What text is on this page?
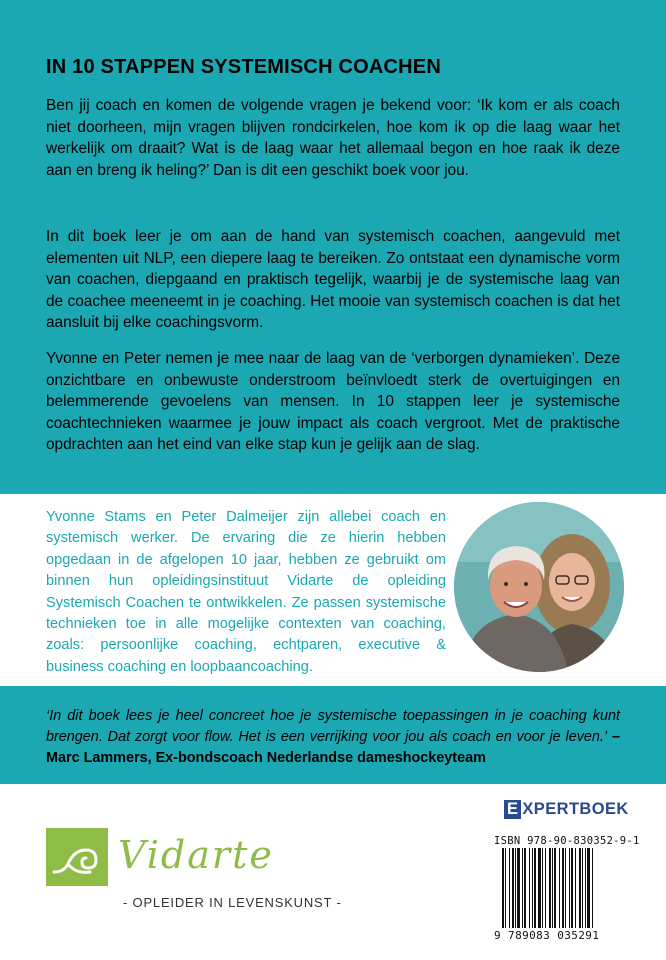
IN 10 STAPPEN SYSTEMISCH COACHEN
Ben jij coach en komen de volgende vragen je bekend voor: ‘Ik kom er als coach niet doorheen, mijn vragen blijven rondcirkelen, hoe kom ik op die laag waar het werkelijk om draait? Wat is de laag waar het allemaal begon en hoe raak ik deze aan en breng ik heling?’ Dan is dit een geschikt boek voor jou.
In dit boek leer je om aan de hand van systemisch coachen, aangevuld met elementen uit NLP, een diepere laag te bereiken. Zo ontstaat een dynamische vorm van coachen, diepgaand en praktisch tegelijk, waarbij je de systemische laag van de coachee meeneemt in je coaching. Het mooie van systemisch coachen is dat het aansluit bij elke coachingsvorm.
Yvonne en Peter nemen je mee naar de laag van de ‘verborgen dynamieken’. Deze onzichtbare en onbewuste onderstroom beïnvloedt sterk de overtuigingen en belemmerende gevoelens van mensen. In 10 stappen leer je systemische coachtechnieken waarmee je jouw impact als coach vergroot. Met de praktische opdrachten aan het eind van elke stap kun je gelijk aan de slag.
Yvonne Stams en Peter Dalmeijer zijn allebei coach en systemisch werker. De ervaring die ze hierin hebben opgedaan in de afgelopen 10 jaar, hebben ze gebruikt om binnen hun opleidingsinstituut Vidarte de opleiding Systemisch Coachen te ontwikkelen. Ze passen systemische technieken toe in alle mogelijke contexten van coaching, zoals: persoonlijke coaching, echtparen, executive & business coaching en loopbaancoaching.
‘In dit boek lees je heel concreet hoe je systemische toepassingen in je coaching kunt brengen. Dat zorgt voor flow. Het is een verrijking voor jou als coach en voor je leven.’ – Marc Lammers, Ex-bondscoach Nederlandse dameshockeyteam
Vidarte
- OPLEIDER IN LEVENSKUNST -
E XPERTBOEK
ISBN 978-90-830352-9-1
9 789083 035291
